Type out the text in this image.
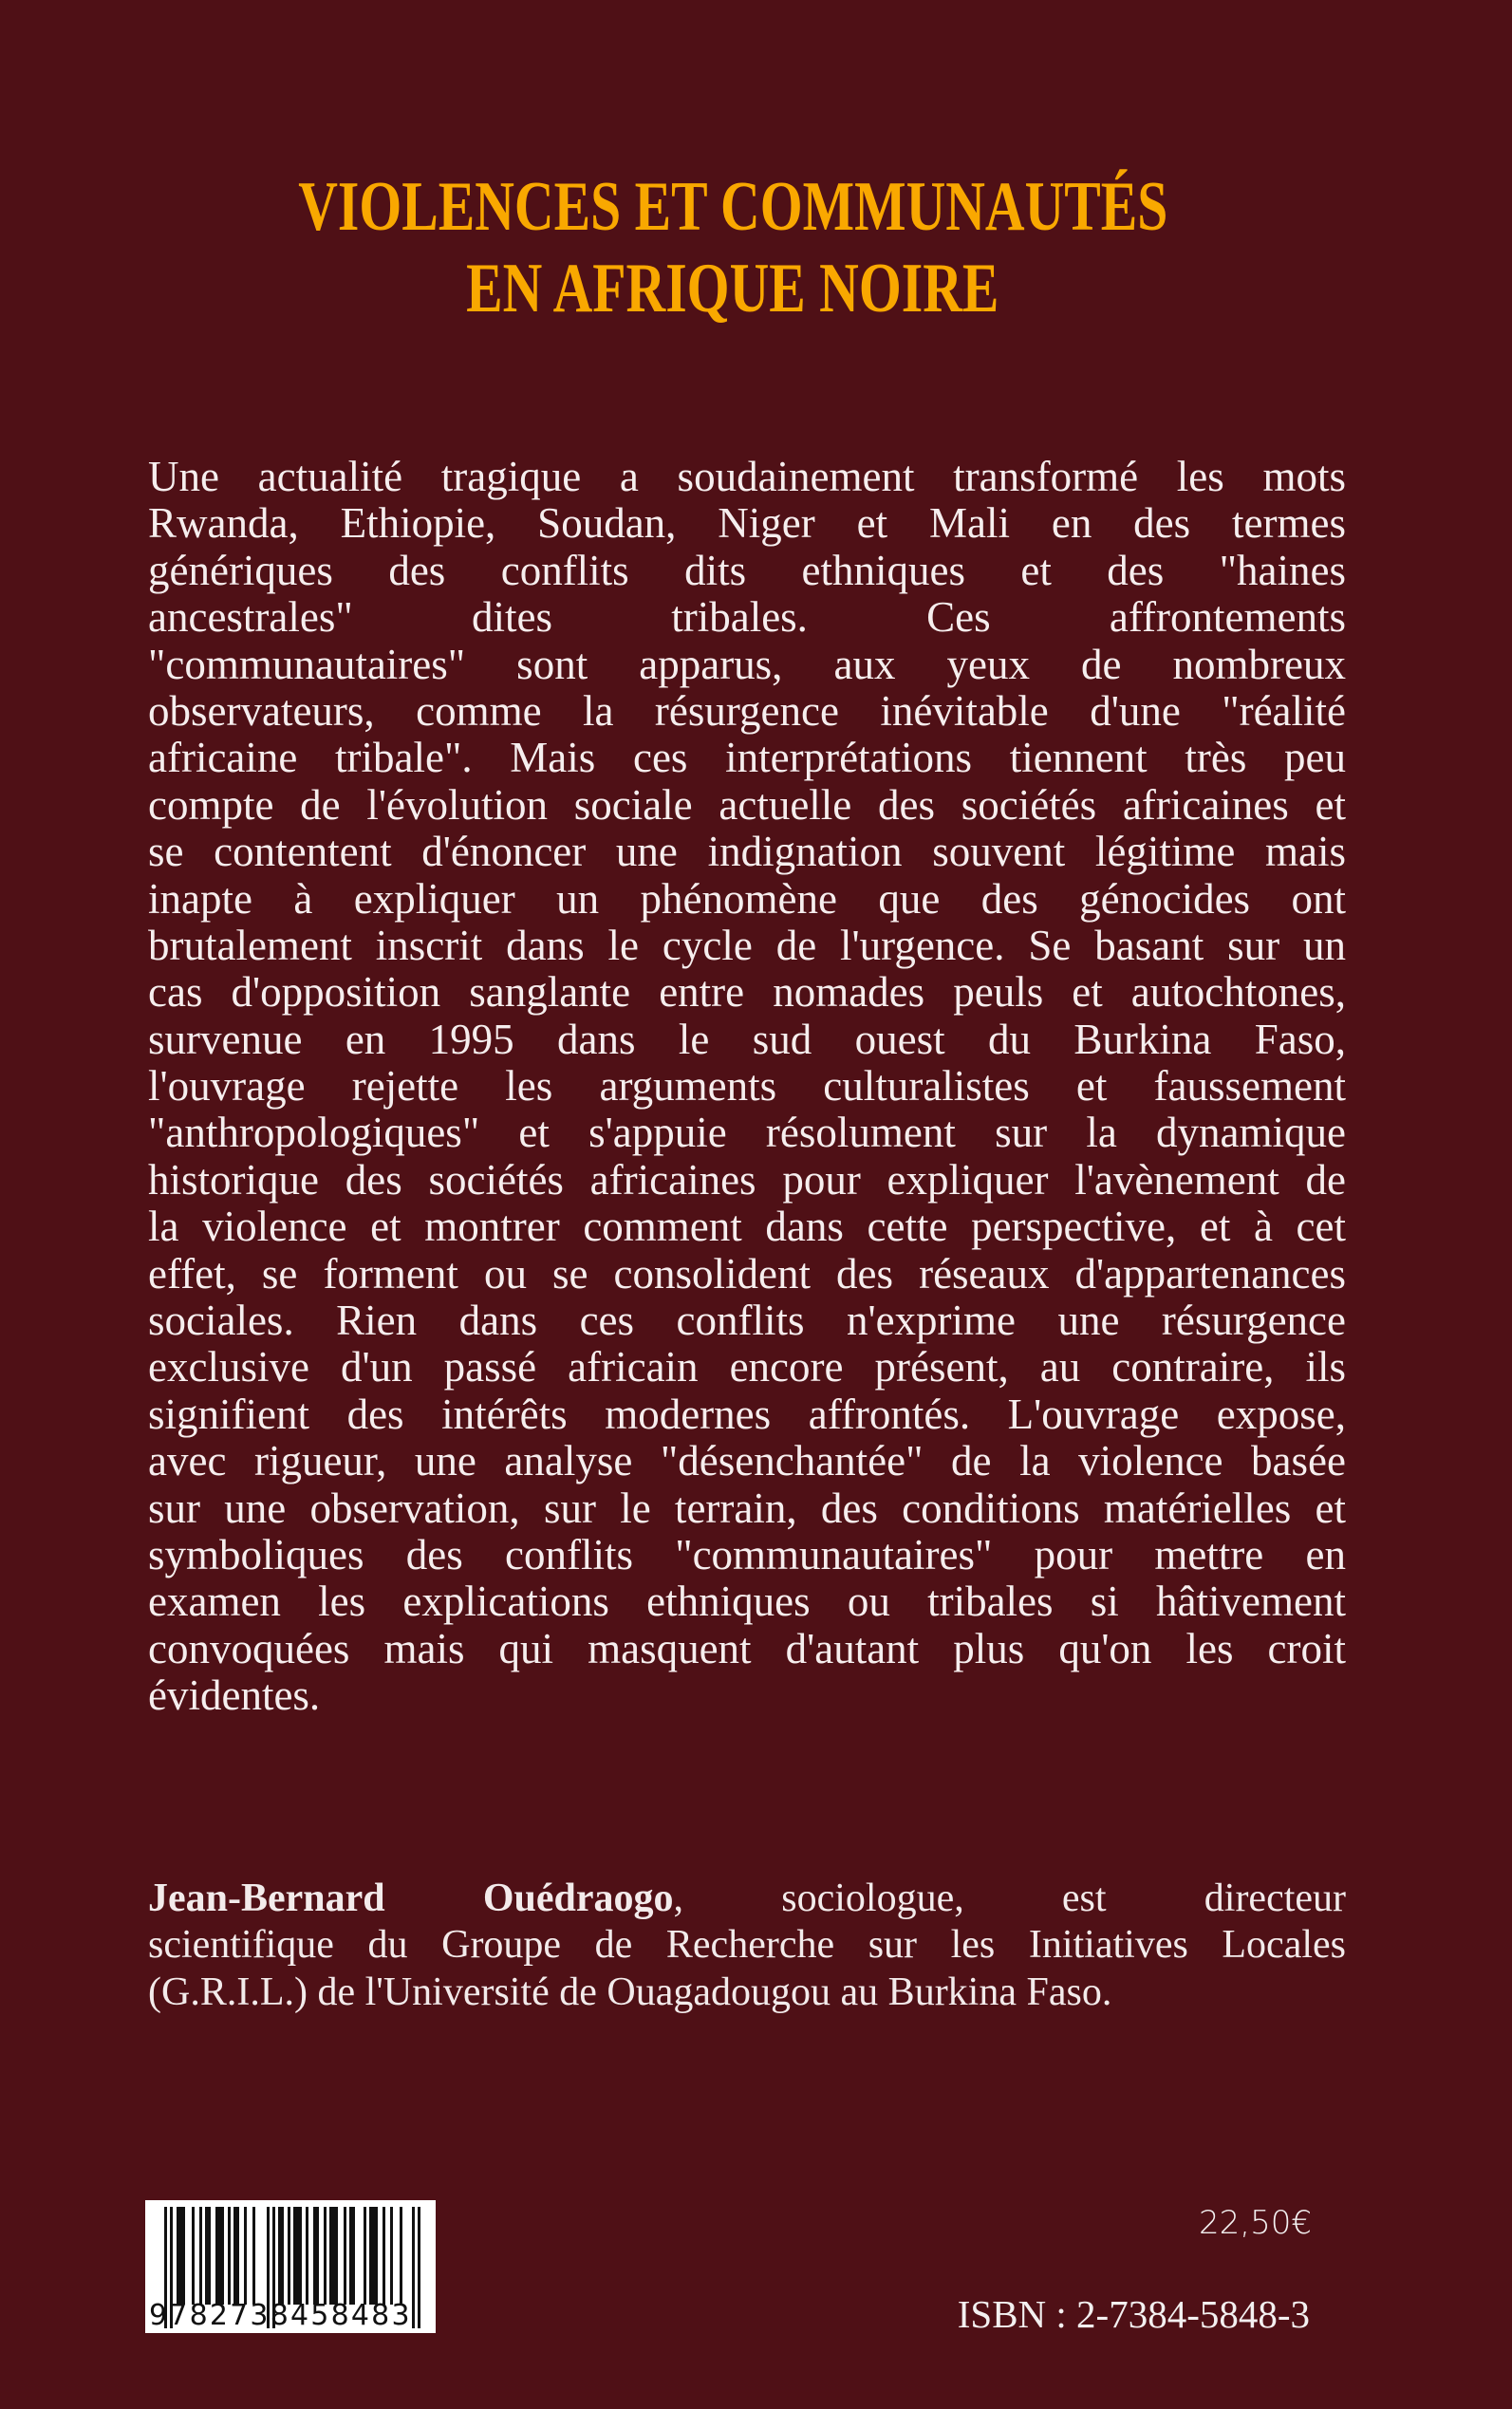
VIOLENCES ET COMMUNAUTÉS
EN AFRIQUE NOIRE
Une actualité tragique a soudainement transformé les mots
Rwanda, Ethiopie, Soudan, Niger et Mali en des termes
génériques des conflits dits ethniques et des "haines
ancestrales" dites tribales. Ces affrontements
"communautaires" sont apparus, aux yeux de nombreux
observateurs, comme la résurgence inévitable d'une "réalité
africaine tribale". Mais ces interprétations tiennent très peu
compte de l'évolution sociale actuelle des sociétés africaines et
se contentent d'énoncer une indignation souvent légitime mais
inapte à expliquer un phénomène que des génocides ont
brutalement inscrit dans le cycle de l'urgence. Se basant sur un
cas d'opposition sanglante entre nomades peuls et autochtones,
survenue en 1995 dans le sud ouest du Burkina Faso,
l'ouvrage rejette les arguments culturalistes et faussement
"anthropologiques" et s'appuie résolument sur la dynamique
historique des sociétés africaines pour expliquer l'avènement de
la violence et montrer comment dans cette perspective, et à cet
effet, se forment ou se consolident des réseaux d'appartenances
sociales. Rien dans ces conflits n'exprime une résurgence
exclusive d'un passé africain encore présent, au contraire, ils
signifient des intérêts modernes affrontés. L'ouvrage expose,
avec rigueur, une analyse "désenchantée" de la violence basée
sur une observation, sur le terrain, des conditions matérielles et
symboliques des conflits "communautaires" pour mettre en
examen les explications ethniques ou tribales si hâtivement
convoquées mais qui masquent d'autant plus qu'on les croit
évidentes.
Jean-Bernard Ouédraogo, sociologue, est directeur
scientifique du Groupe de Recherche sur les Initiatives Locales
(G.R.I.L.) de l'Université de Ouagadougou au Burkina Faso.
9782738458483
22,50€
ISBN : 2-7384-5848-3
